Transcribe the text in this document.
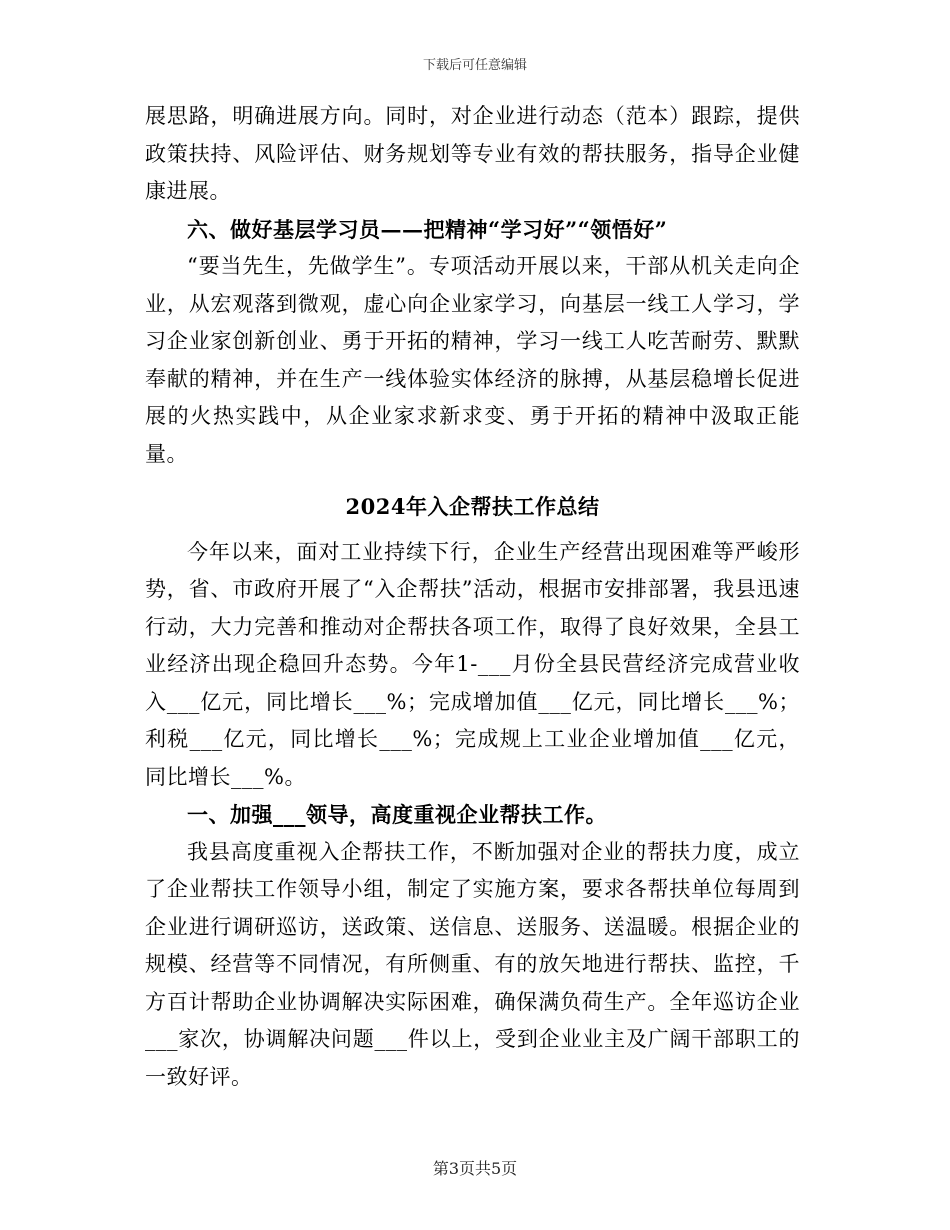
下载后可任意编辑

展思路，明确进展方向。同时，对企业进行动态（范本）跟踪，提供政策扶持、风险评估、财务规划等专业有效的帮扶服务，指导企业健康进展。

六、做好基层学习员——把精神“学习好”“领悟好”

“要当先生，先做学生”。专项活动开展以来，干部从机关走向企业，从宏观落到微观，虚心向企业家学习，向基层一线工人学习，学习企业家创新创业、勇于开拓的精神，学习一线工人吃苦耐劳、默默奉献的精神，并在生产一线体验实体经济的脉搏，从基层稳增长促进展的火热实践中，从企业家求新求变、勇于开拓的精神中汲取正能量。

2024年入企帮扶工作总结

今年以来，面对工业持续下行，企业生产经营出现困难等严峻形势，省、市政府开展了“入企帮扶”活动，根据市安排部署，我县迅速行动，大力完善和推动对企帮扶各项工作，取得了良好效果，全县工业经济出现企稳回升态势。今年1-___月份全县民营经济完成营业收入___亿元，同比增长___%；完成增加值___亿元，同比增长___%；利税___亿元，同比增长___%；完成规上工业企业增加值___亿元，同比增长___%。

一、加强___领导，高度重视企业帮扶工作。

我县高度重视入企帮扶工作，不断加强对企业的帮扶力度，成立了企业帮扶工作领导小组，制定了实施方案，要求各帮扶单位每周到企业进行调研巡访，送政策、送信息、送服务、送温暖。根据企业的规模、经营等不同情况，有所侧重、有的放矢地进行帮扶、监控，千方百计帮助企业协调解决实际困难，确保满负荷生产。全年巡访企业___家次，协调解决问题___件以上，受到企业业主及广阔干部职工的一致好评。

第3页共5页
